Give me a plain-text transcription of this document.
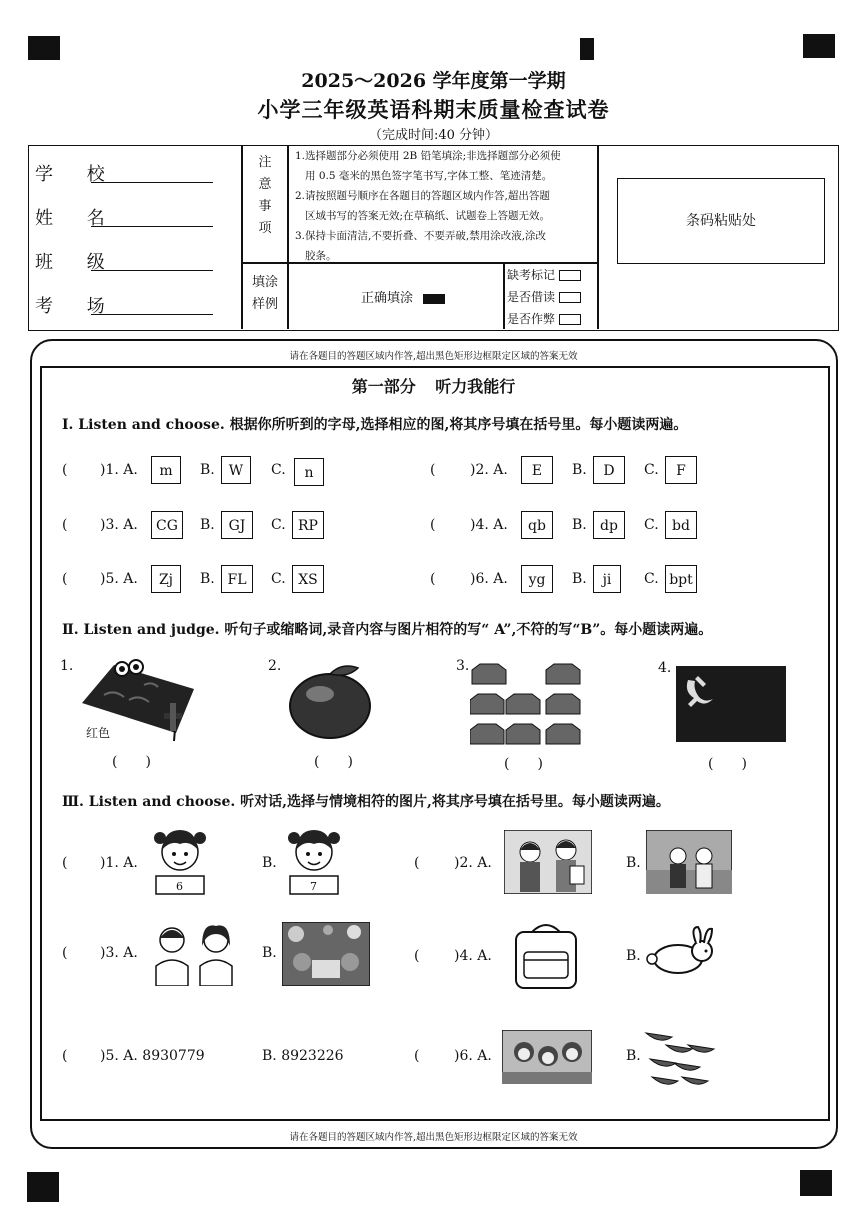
2025～2026 学年度第一学期
小学三年级英语科期末质量检查试卷
（完成时间:40 分钟）
学 校
姓 名
班 级
考 场
注
意
事
项
1.选择题部分必须使用 2B 铅笔填涂;非选择题部分必须使
用 0.5 毫米的黑色签字笔书写,字体工整、笔迹清楚。
2.请按照题号顺序在各题目的答题区域内作答,超出答题
区域书写的答案无效;在草稿纸、试题卷上答题无效。
3.保持卡面清洁,不要折叠、不要弄破,禁用涂改液,涂改
胶条。
填涂
样例	正确填涂
缺考标记
是否借读
是否作弊
条码粘贴处
请在各题目的答题区域内作答,超出黑色矩形边框限定区域的答案无效
请在各题目的答题区域内作答,超出黑色矩形边框限定区域的答案无效
第一部分 听力我能行
Ⅰ. Listen and choose. 根据你所听到的字母,选择相应的图,将其序号填在括号里。每小题读两遍。
( )1. A.	m	B.	W	C.	n	( )2. A.	E	B.	D	C.	F
( )3. A.	CG	B. GJ	C. RP	( )4. A.	qb	B. dp	C. bd
( )5. A.	Zj	B. FL	C. XS	( )6. A.	yg	B.	ji	C. bpt
Ⅱ. Listen and judge. 听句子或缩略词,录音内容与图片相符的写“ A”,不符的写“B”。每小题读两遍。
1.
红色
(　　)
2.
(　　)
3.
(　　)
4.
(　　)
Ⅲ. Listen and choose. 听对话,选择与情境相符的图片,将其序号填在括号里。每小题读两遍。
( )1. A.
6
B.
7
( )2. A.	B.
( )3. A.	B.	( )4. A.	B.
( )5. A. 8930779	B. 8923226	( )6. A.	B.
